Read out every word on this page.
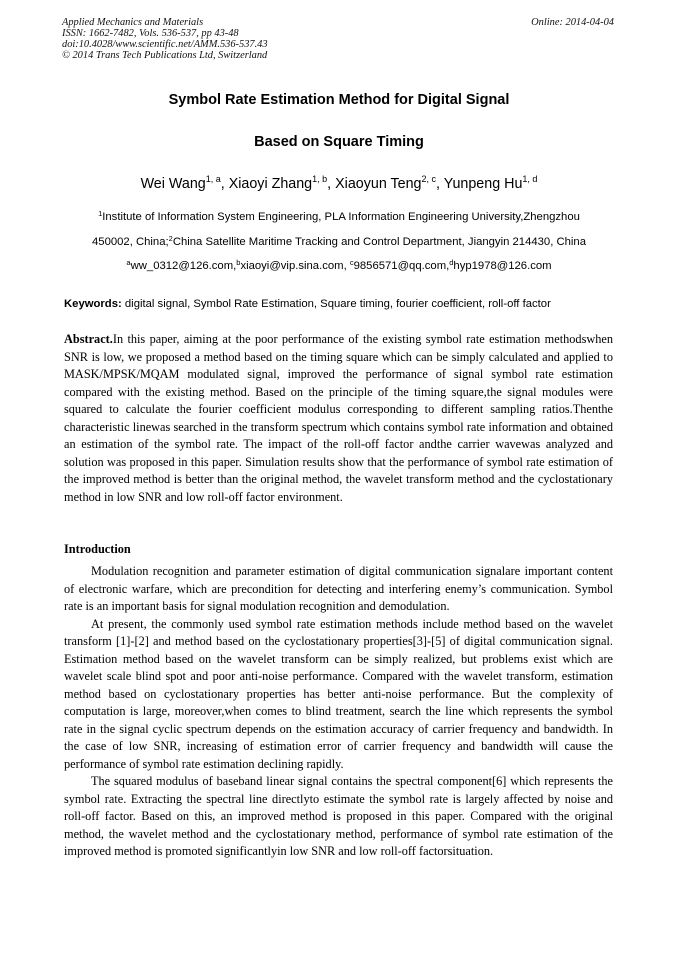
Applied Mechanics and Materials
ISSN: 1662-7482, Vols. 536-537, pp 43-48
doi:10.4028/www.scientific.net/AMM.536-537.43
© 2014 Trans Tech Publications Ltd, Switzerland
Online: 2014-04-04
Symbol Rate Estimation Method for Digital Signal
Based on Square Timing
Wei Wang$^{1, a}$, Xiaoyi Zhang$^{1, b}$, Xiaoyun Teng$^{2, c}$, Yunpeng Hu$^{1, d}$
$^1$Institute of Information System Engineering, PLA Information Engineering University,Zhengzhou
450002, China;$^2$China Satellite Maritime Tracking and Control Department, Jiangyin 214430, China
$^a$ww_0312@126.com,$^b$xiaoyi@vip.sina.com, $^c$9856571@qq.com,$^d$hyp1978@126.com
Keywords: digital signal, Symbol Rate Estimation, Square timing, fourier coefficient, roll-off factor

Abstract.In this paper, aiming at the poor performance of the existing symbol rate estimation methodswhen SNR is low, we proposed a method based on the timing square which can be simply calculated and applied to MASK/MPSK/MQAM modulated signal, improved the performance of signal symbol rate estimation compared with the existing method. Based on the principle of the timing square,the signal modules were squared to calculate the fourier coefficient modulus corresponding to different sampling ratios.Thenthe characteristic linewas searched in the transform spectrum which contains symbol rate information and obtained an estimation of the symbol rate. The impact of the roll-off factor andthe carrier wavewas analyzed and solution was proposed in this paper. Simulation results show that the performance of symbol rate estimation of the improved method is better than the original method, the wavelet transform method and the cyclostationary method in low SNR and low roll-off factor environment.

Introduction

Modulation recognition and parameter estimation of digital communication signalare important content of electronic warfare, which are precondition for detecting and interfering enemy’s communication. Symbol rate is an important basis for signal modulation recognition and demodulation.

At present, the commonly used symbol rate estimation methods include method based on the wavelet transform [1]-[2] and method based on the cyclostationary properties[3]-[5] of digital communication signal. Estimation method based on the wavelet transform can be simply realized, but problems exist which are wavelet scale blind spot and poor anti-noise performance. Compared with the wavelet transform, estimation method based on cyclostationary properties has better anti-noise performance. But the complexity of computation is large, moreover,when comes to blind treatment, search the line which represents the symbol rate in the signal cyclic spectrum depends on the estimation accuracy of carrier frequency and bandwidth. In the case of low SNR, increasing of estimation error of carrier frequency and bandwidth will cause the performance of symbol rate estimation declining rapidly.

The squared modulus of baseband linear signal contains the spectral component[6] which represents the symbol rate. Extracting the spectral line directlyto estimate the symbol rate is largely affected by noise and roll-off factor. Based on this, an improved method is proposed in this paper. Compared with the original method, the wavelet method and the cyclostationary method, performance of symbol rate estimation of the improved method is promoted significantlyin low SNR and low roll-off factorsituation.
